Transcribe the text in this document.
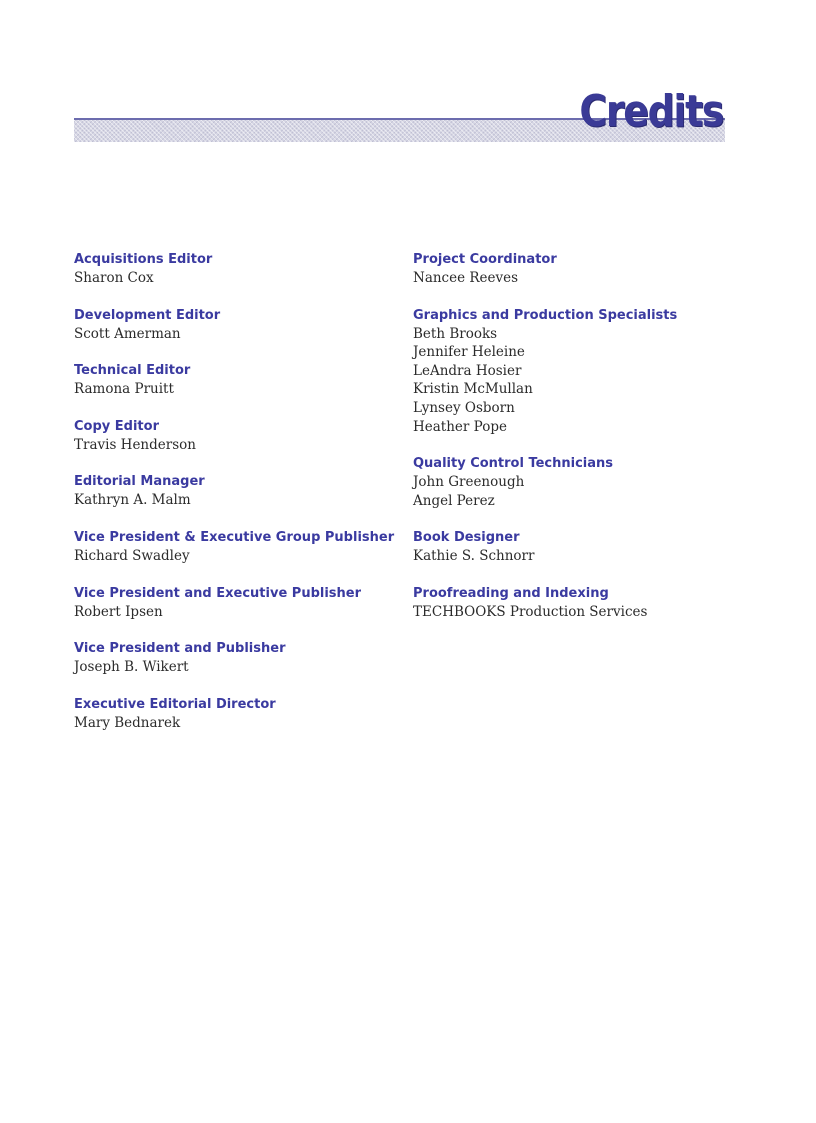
Credits

Acquisitions Editor

Sharon Cox

Development Editor

Scott Amerman

Technical Editor

Ramona Pruitt

Copy Editor

Travis Henderson

Editorial Manager

Kathryn A. Malm

Vice President & Executive Group Publisher

Richard Swadley

Vice President and Executive Publisher

Robert Ipsen

Vice President and Publisher

Joseph B. Wikert

Executive Editorial Director

Mary Bednarek

Project Coordinator

Nancee Reeves

Graphics and Production Specialists

Beth Brooks

Jennifer Heleine

LeAndra Hosier

Kristin McMullan

Lynsey Osborn

Heather Pope

Quality Control Technicians

John Greenough

Angel Perez

Book Designer

Kathie S. Schnorr

Proofreading and Indexing

TECHBOOKS Production Services
